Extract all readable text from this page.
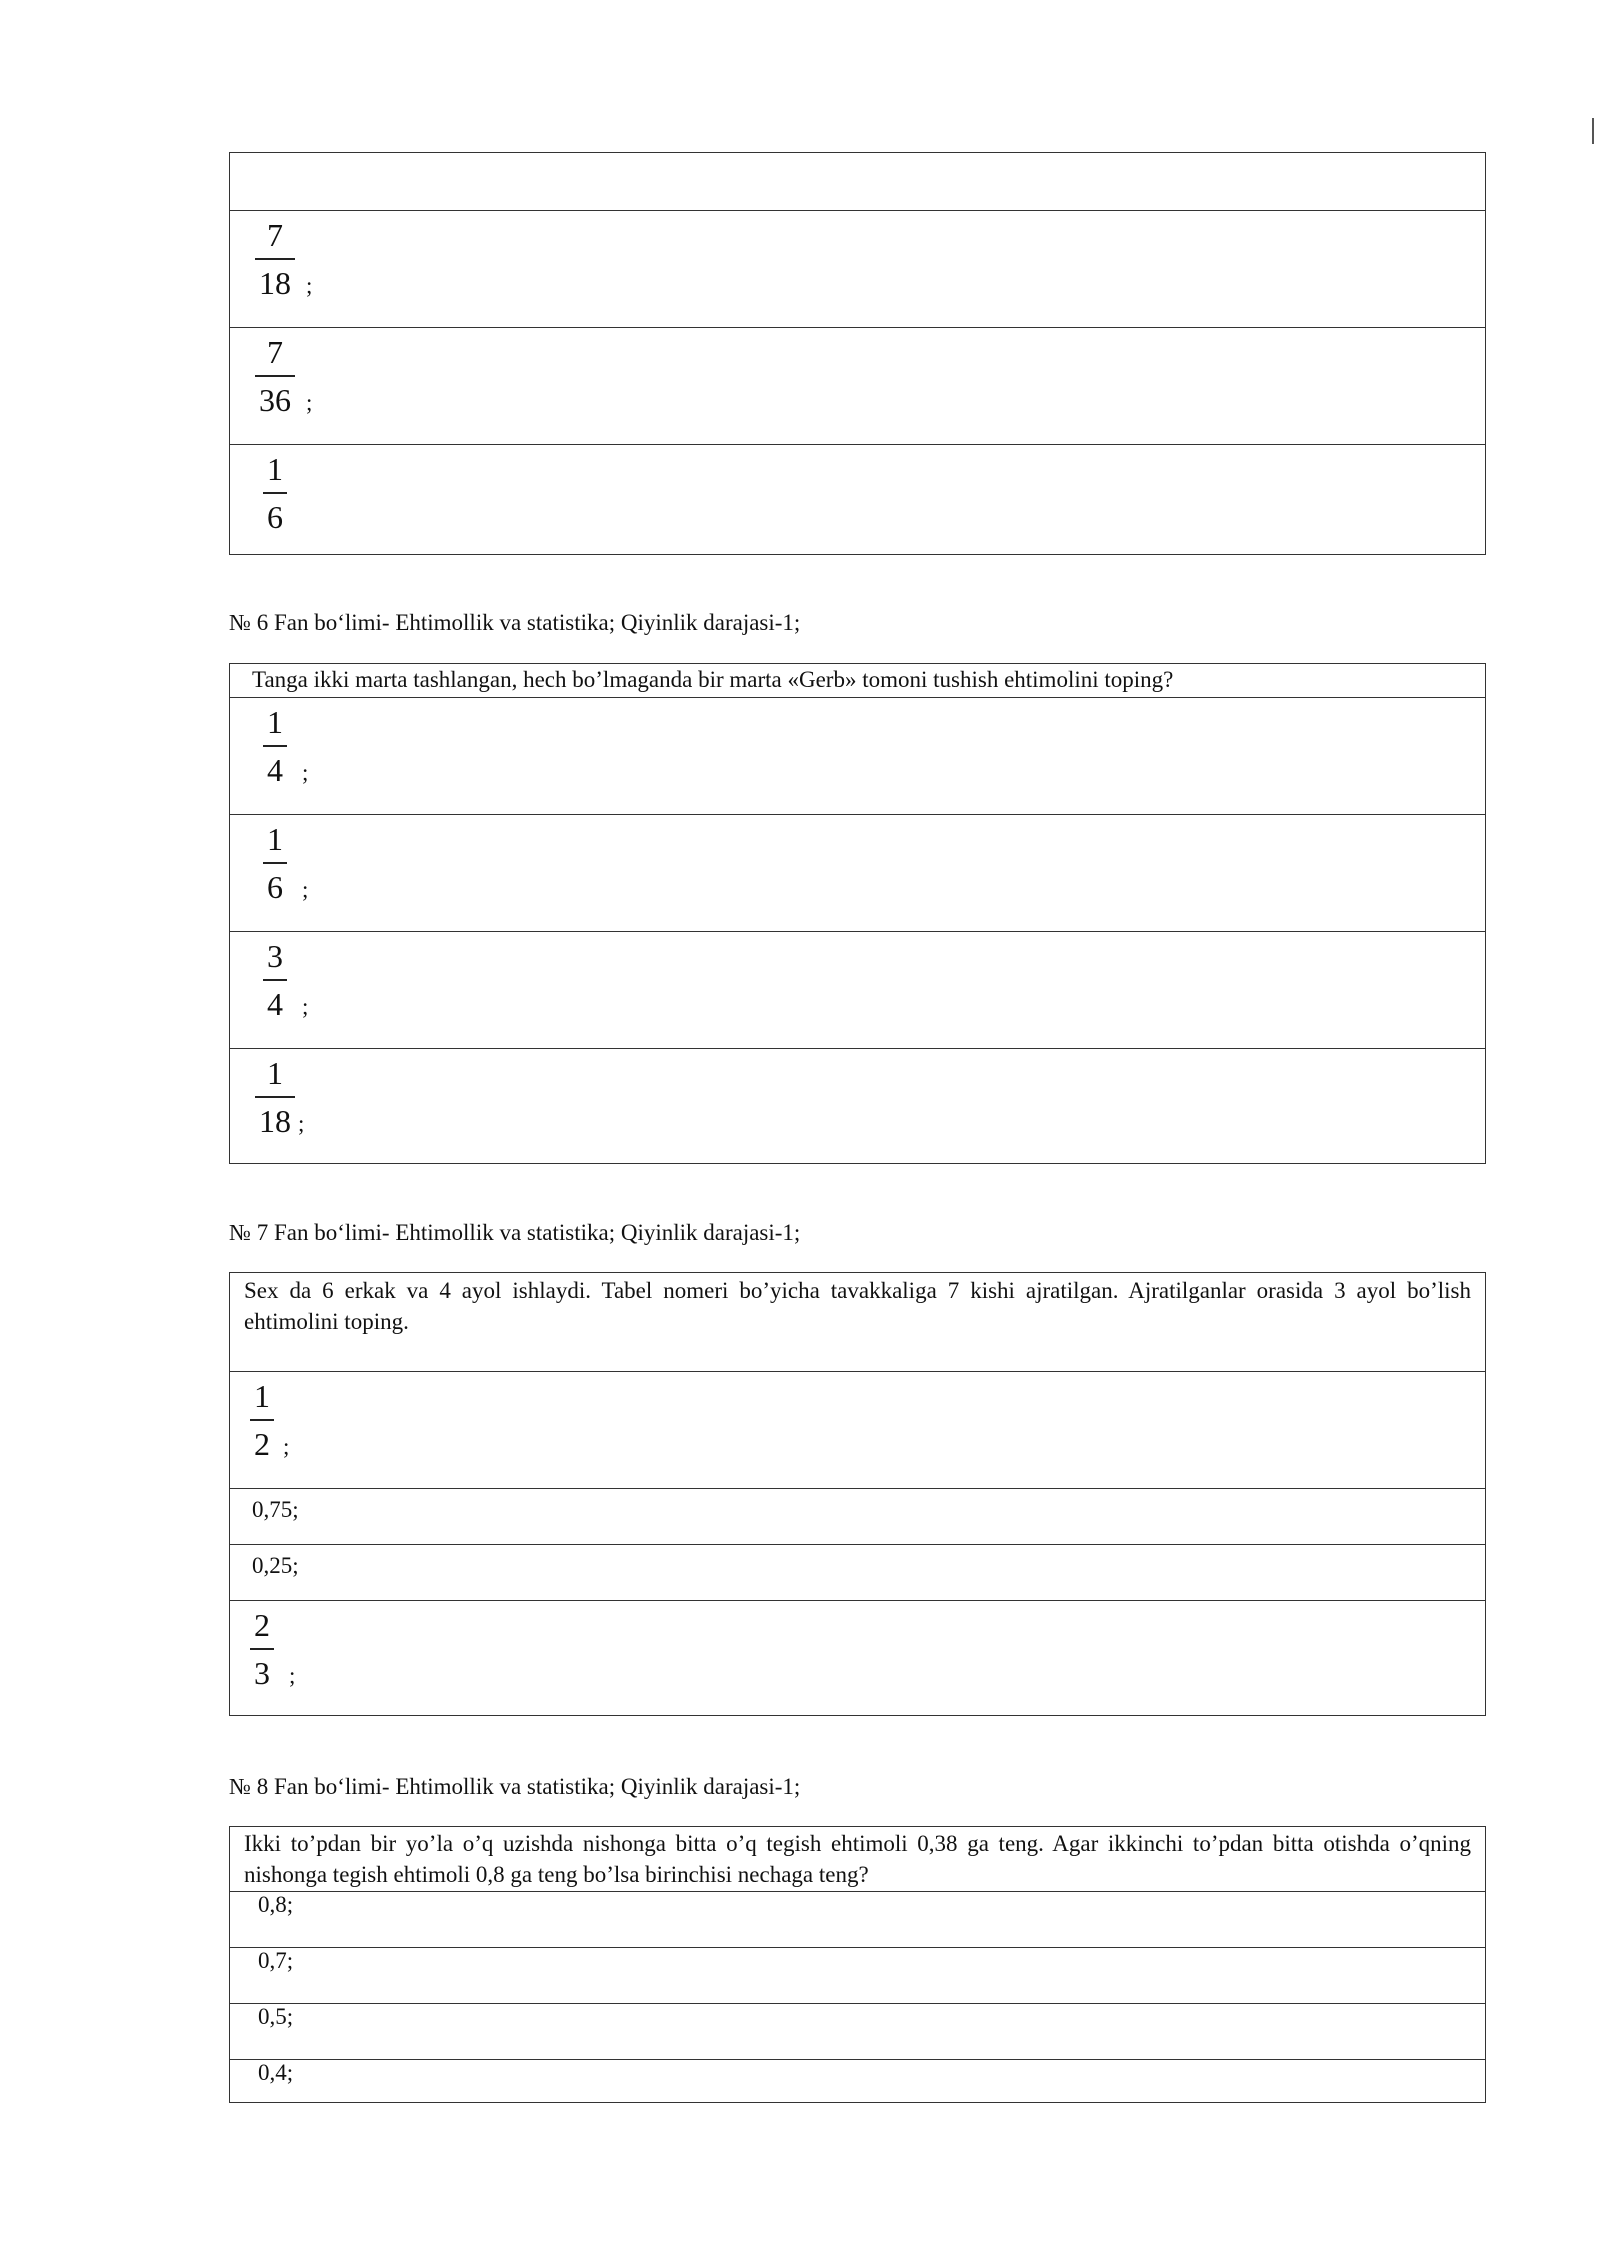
7
18 ;
7
36 ;
1
6
№ 6 Fan bo‘limi- Ehtimollik va statistika; Qiyinlik darajasi-1;
Tanga ikki marta tashlangan, hech bo’lmaganda bir marta «Gerb» tomoni tushish ehtimolini toping?
1
4 ;
1
6 ;
3
4 ;
1
18 ;
№ 7 Fan bo‘limi- Ehtimollik va statistika; Qiyinlik darajasi-1;
Sex da 6 erkak va 4 ayol ishlaydi. Tabel nomeri bo’yicha tavakkaliga 7 kishi ajratilgan. Ajratilganlar orasida 3 ayol bo’lish ehtimolini toping.
1
2 ;
0,75;
0,25;
2
3 ;
№ 8 Fan bo‘limi- Ehtimollik va statistika; Qiyinlik darajasi-1;
Ikki to’pdan bir yo’la o’q uzishda nishonga bitta o’q tegish ehtimoli 0,38 ga teng. Agar ikkinchi to’pdan bitta otishda o’qning nishonga tegish ehtimoli 0,8 ga teng bo’lsa birinchisi nechaga teng?
0,8;
0,7;
0,5;
0,4;
